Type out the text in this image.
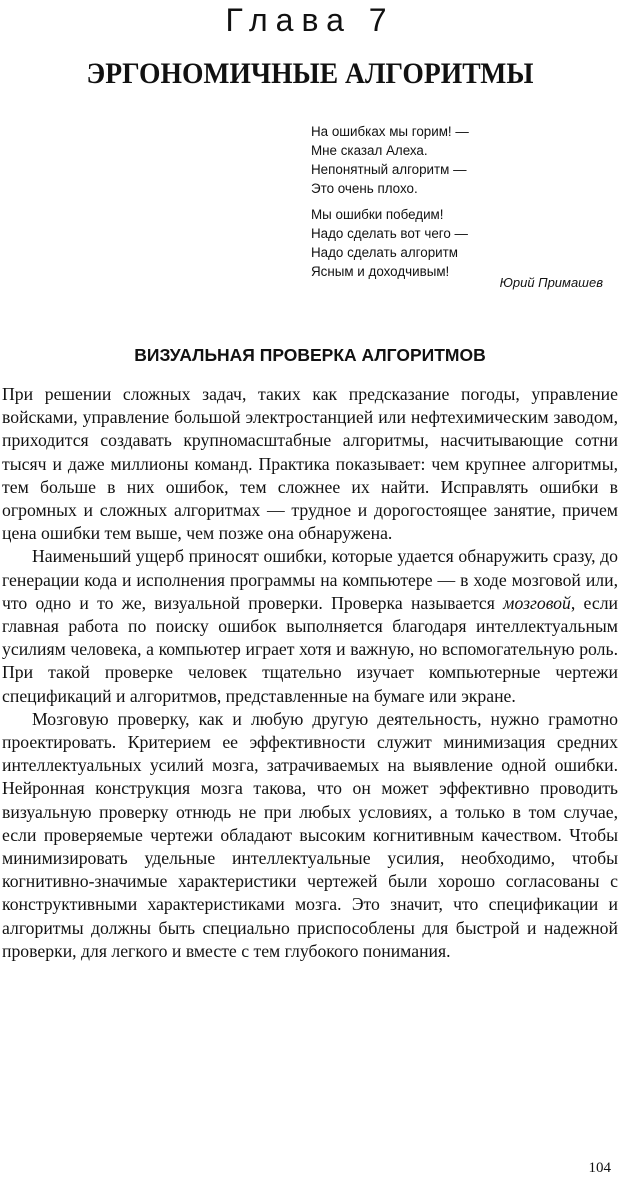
Глава 7
ЭРГОНОМИЧНЫЕ АЛГОРИТМЫ
На ошибках мы горим! —
Мне сказал Алеха.
Непонятный алгоритм —
Это очень плохо.
Мы ошибки победим!
Надо сделать вот чего —
Надо сделать алгоритм
Ясным и доходчивым!

Юрий Примашев

ВИЗУАЛЬНАЯ ПРОВЕРКА АЛГОРИТМОВ

При решении сложных задач, таких как предсказание погоды, управление войсками, управление большой электростанцией или нефтехимическим заводом, приходится создавать крупномасштабные алгоритмы, насчитывающие сотни тысяч и даже миллионы команд. Практика показывает: чем крупнее алгоритмы, тем больше в них ошибок, тем сложнее их найти. Исправлять ошибки в огромных и сложных алгоритмах — трудное и дорогостоящее занятие, причем цена ошибки тем выше, чем позже она обнаружена.

Наименьший ущерб приносят ошибки, которые удается обнаружить сразу, до генерации кода и исполнения программы на компьютере — в ходе мозговой или, что одно и то же, визуальной проверки. Проверка называется мозговой, если главная работа по поиску ошибок выполняется благодаря интеллектуальным усилиям человека, а компьютер играет хотя и важную, но вспомогательную роль. При такой проверке человек тщательно изучает компьютерные чертежи спецификаций и алгоритмов, представленные на бумаге или экране.

Мозговую проверку, как и любую другую деятельность, нужно грамотно проектировать. Критерием ее эффективности служит минимизация средних интеллектуальных усилий мозга, затрачиваемых на выявление одной ошибки. Нейронная конструкция мозга такова, что он может эффективно проводить визуальную проверку отнюдь не при любых условиях, а только в том случае, если проверяемые чертежи обладают высоким когнитивным качеством. Чтобы минимизировать удельные интеллектуальные усилия, необходимо, чтобы когнитивно-значимые характеристики чертежей были хорошо согласованы с конструктивными характеристиками мозга. Это значит, что спецификации и алгоритмы должны быть специально приспособлены для быстрой и надежной проверки, для легкого и вместе с тем глубокого понимания.

104
